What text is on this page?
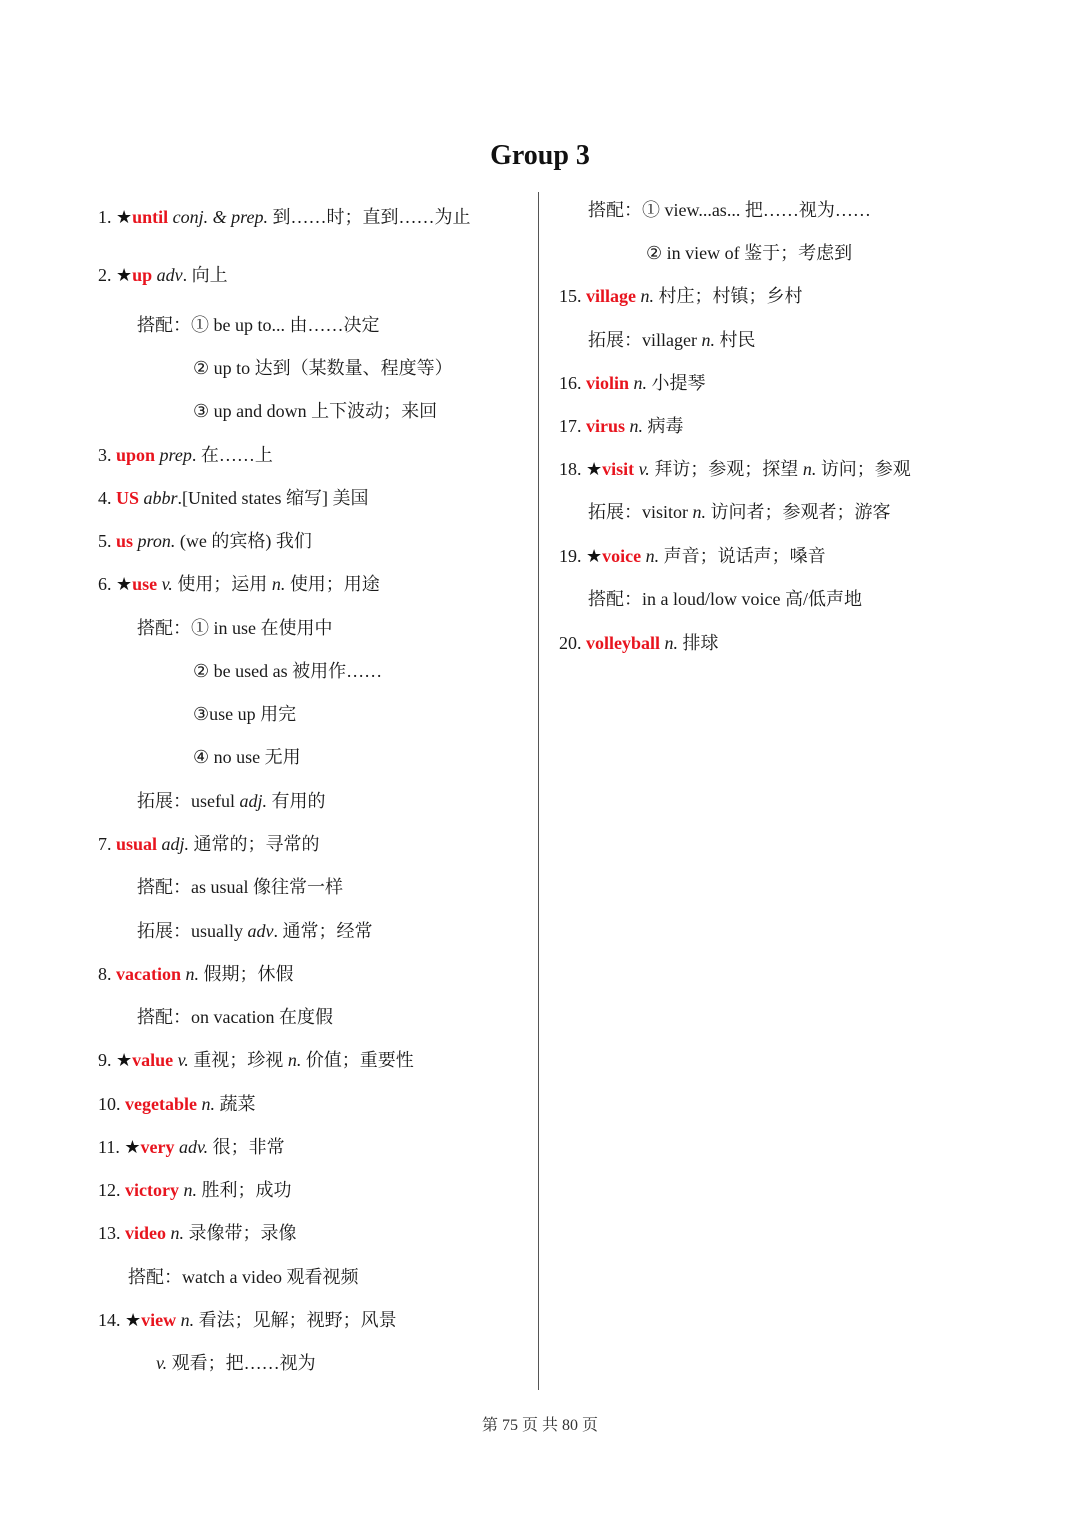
Group 3
1. ★until conj. & prep. 到……时；直到……为止
2. ★up adv. 向上
搭配：① be up to... 由……决定
② up to 达到（某数量、程度等）
③ up and down 上下波动；来回
3. upon prep. 在……上
4. US abbr.[United states 缩写] 美国
5. us pron. (we 的宾格) 我们
6. ★use v. 使用；运用 n. 使用；用途
搭配：① in use 在使用中
② be used as 被用作……
③use up 用完
④ no use 无用
拓展：useful adj. 有用的
7. usual adj. 通常的；寻常的
搭配：as usual 像往常一样
拓展：usually adv. 通常；经常
8. vacation n. 假期；休假
搭配：on vacation 在度假
9. ★value v. 重视；珍视 n. 价值；重要性
10. vegetable n. 蔬菜
11. ★very adv. 很；非常
12. victory n. 胜利；成功
13. video n. 录像带；录像
搭配：watch a video 观看视频
14. ★view n. 看法；见解；视野；风景
v. 观看；把……视为
搭配：① view...as... 把……视为……
② in view of 鉴于；考虑到
15. village n. 村庄；村镇；乡村
拓展：villager n. 村民
16. violin n. 小提琴
17. virus n. 病毒
18. ★visit v. 拜访；参观；探望 n. 访问；参观
拓展：visitor n. 访问者；参观者；游客
19. ★voice n. 声音；说话声；嗓音
搭配：in a loud/low voice 高/低声地
20. volleyball n. 排球
第 75 页 共 80 页
